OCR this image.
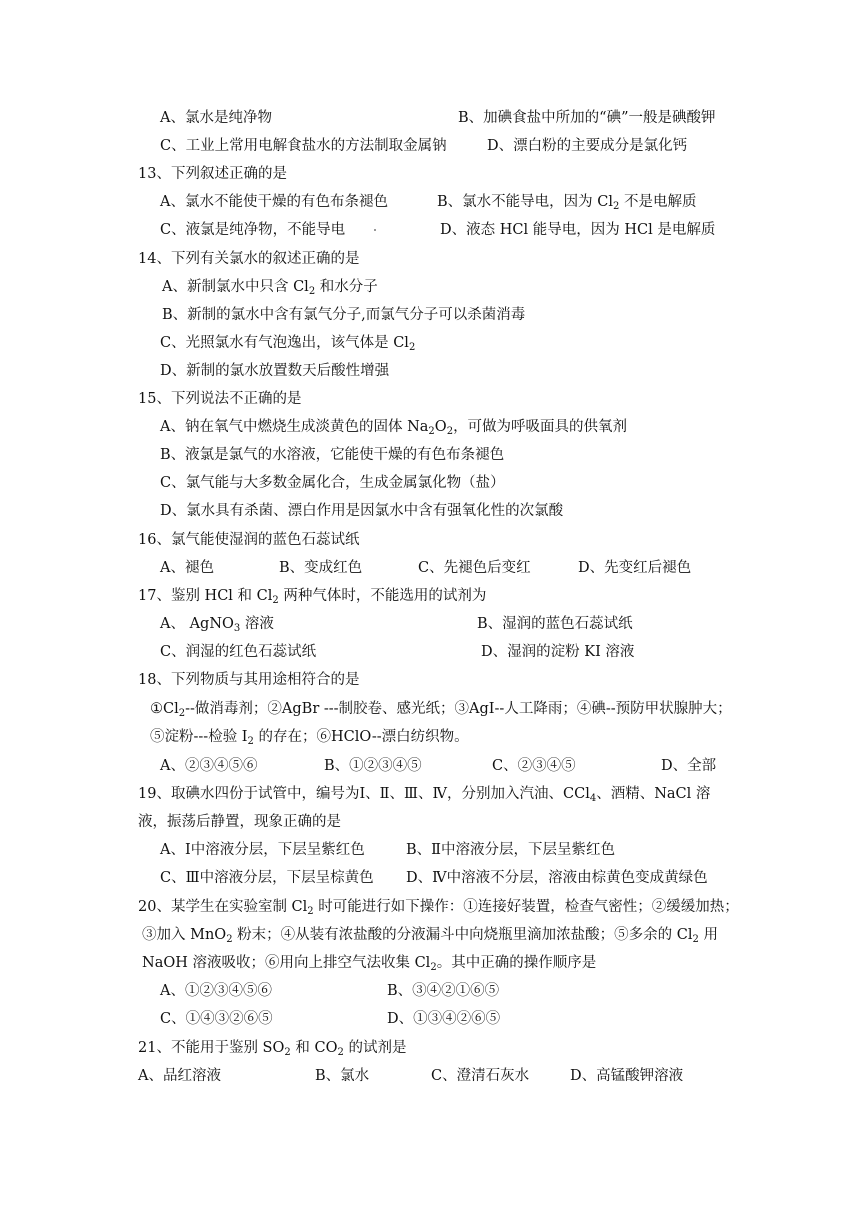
A、氯水是纯净物	B、加碘食盐中所加的“碘”一般是碘酸钾
C、工业上常用电解食盐水的方法制取金属钠	D、漂白粉的主要成分是氯化钙
13、下列叙述正确的是
A、氯水不能使干燥的有色布条褪色	B、氯水不能导电，因为 $Cl_2$ 不是电解质
C、液氯是纯净物，不能导电	D、液态 HCl 能导电，因为 HCl 是电解质
14、下列有关氯水的叙述正确的是
A、新制氯水中只含 $Cl_2$ 和水分子
B、新制的氯水中含有氯气分子,而氯气分子可以杀菌消毒
C、光照氯水有气泡逸出，该气体是 $Cl_2$
D、新制的氯水放置数天后酸性增强
15、下列说法不正确的是
A、钠在氧气中燃烧生成淡黄色的固体 $Na_2O_2$，可做为呼吸面具的供氧剂
B、液氯是氯气的水溶液，它能使干燥的有色布条褪色
C、氯气能与大多数金属化合，生成金属氯化物（盐）
D、氯水具有杀菌、漂白作用是因氯水中含有强氧化性的次氯酸
16、氯气能使湿润的蓝色石蕊试纸
A、褪色	B、变成红色	C、先褪色后变红	D、先变红后褪色
17、鉴别 HCl 和 $Cl_2$ 两种气体时，不能选用的试剂为
A、 AgNO$_3$ 溶液	B、湿润的蓝色石蕊试纸
C、润湿的红色石蕊试纸	D、湿润的淀粉 KI 溶液
18、下列物质与其用途相符合的是
$①Cl_2--$做消毒剂；②AgBr ---制胶卷、感光纸；③AgI--人工降雨；④碘--预防甲状腺肿大；
⑤淀粉---检验 $I_2$ 的存在；⑥HClO--漂白纺织物。
A、②③④⑤⑥	B、①②③④⑤	C、②③④⑤	D、全部
19、取碘水四份于试管中，编号为Ⅰ、Ⅱ、Ⅲ、Ⅳ，分别加入汽油、CCl$_4$、酒精、NaCl 溶
液，振荡后静置，现象正确的是
A、Ⅰ中溶液分层，下层呈紫红色	B、Ⅱ中溶液分层，下层呈紫红色
C、Ⅲ中溶液分层，下层呈棕黄色 D、Ⅳ中溶液不分层，溶液由棕黄色变成黄绿色
20、某学生在实验室制 $Cl_2$ 时可能进行如下操作：①连接好装置，检查气密性；②缓缓加热；
③加入 MnO$_2$ 粉末；④从装有浓盐酸的分液漏斗中向烧瓶里滴加浓盐酸；⑤多余的 $Cl_2$ 用
NaOH 溶液吸收；⑥用向上排空气法收集 $Cl_2$。其中正确的操作顺序是
A、①②③④⑤⑥	B、③④②①⑥⑤
C、①④③②⑥⑤	D、①③④②⑥⑤
21、不能用于鉴别 $SO_2$ 和 $CO_2$ 的试剂是
A、品红溶液	B、氯水	C、澄清石灰水	D、高锰酸钾溶液
